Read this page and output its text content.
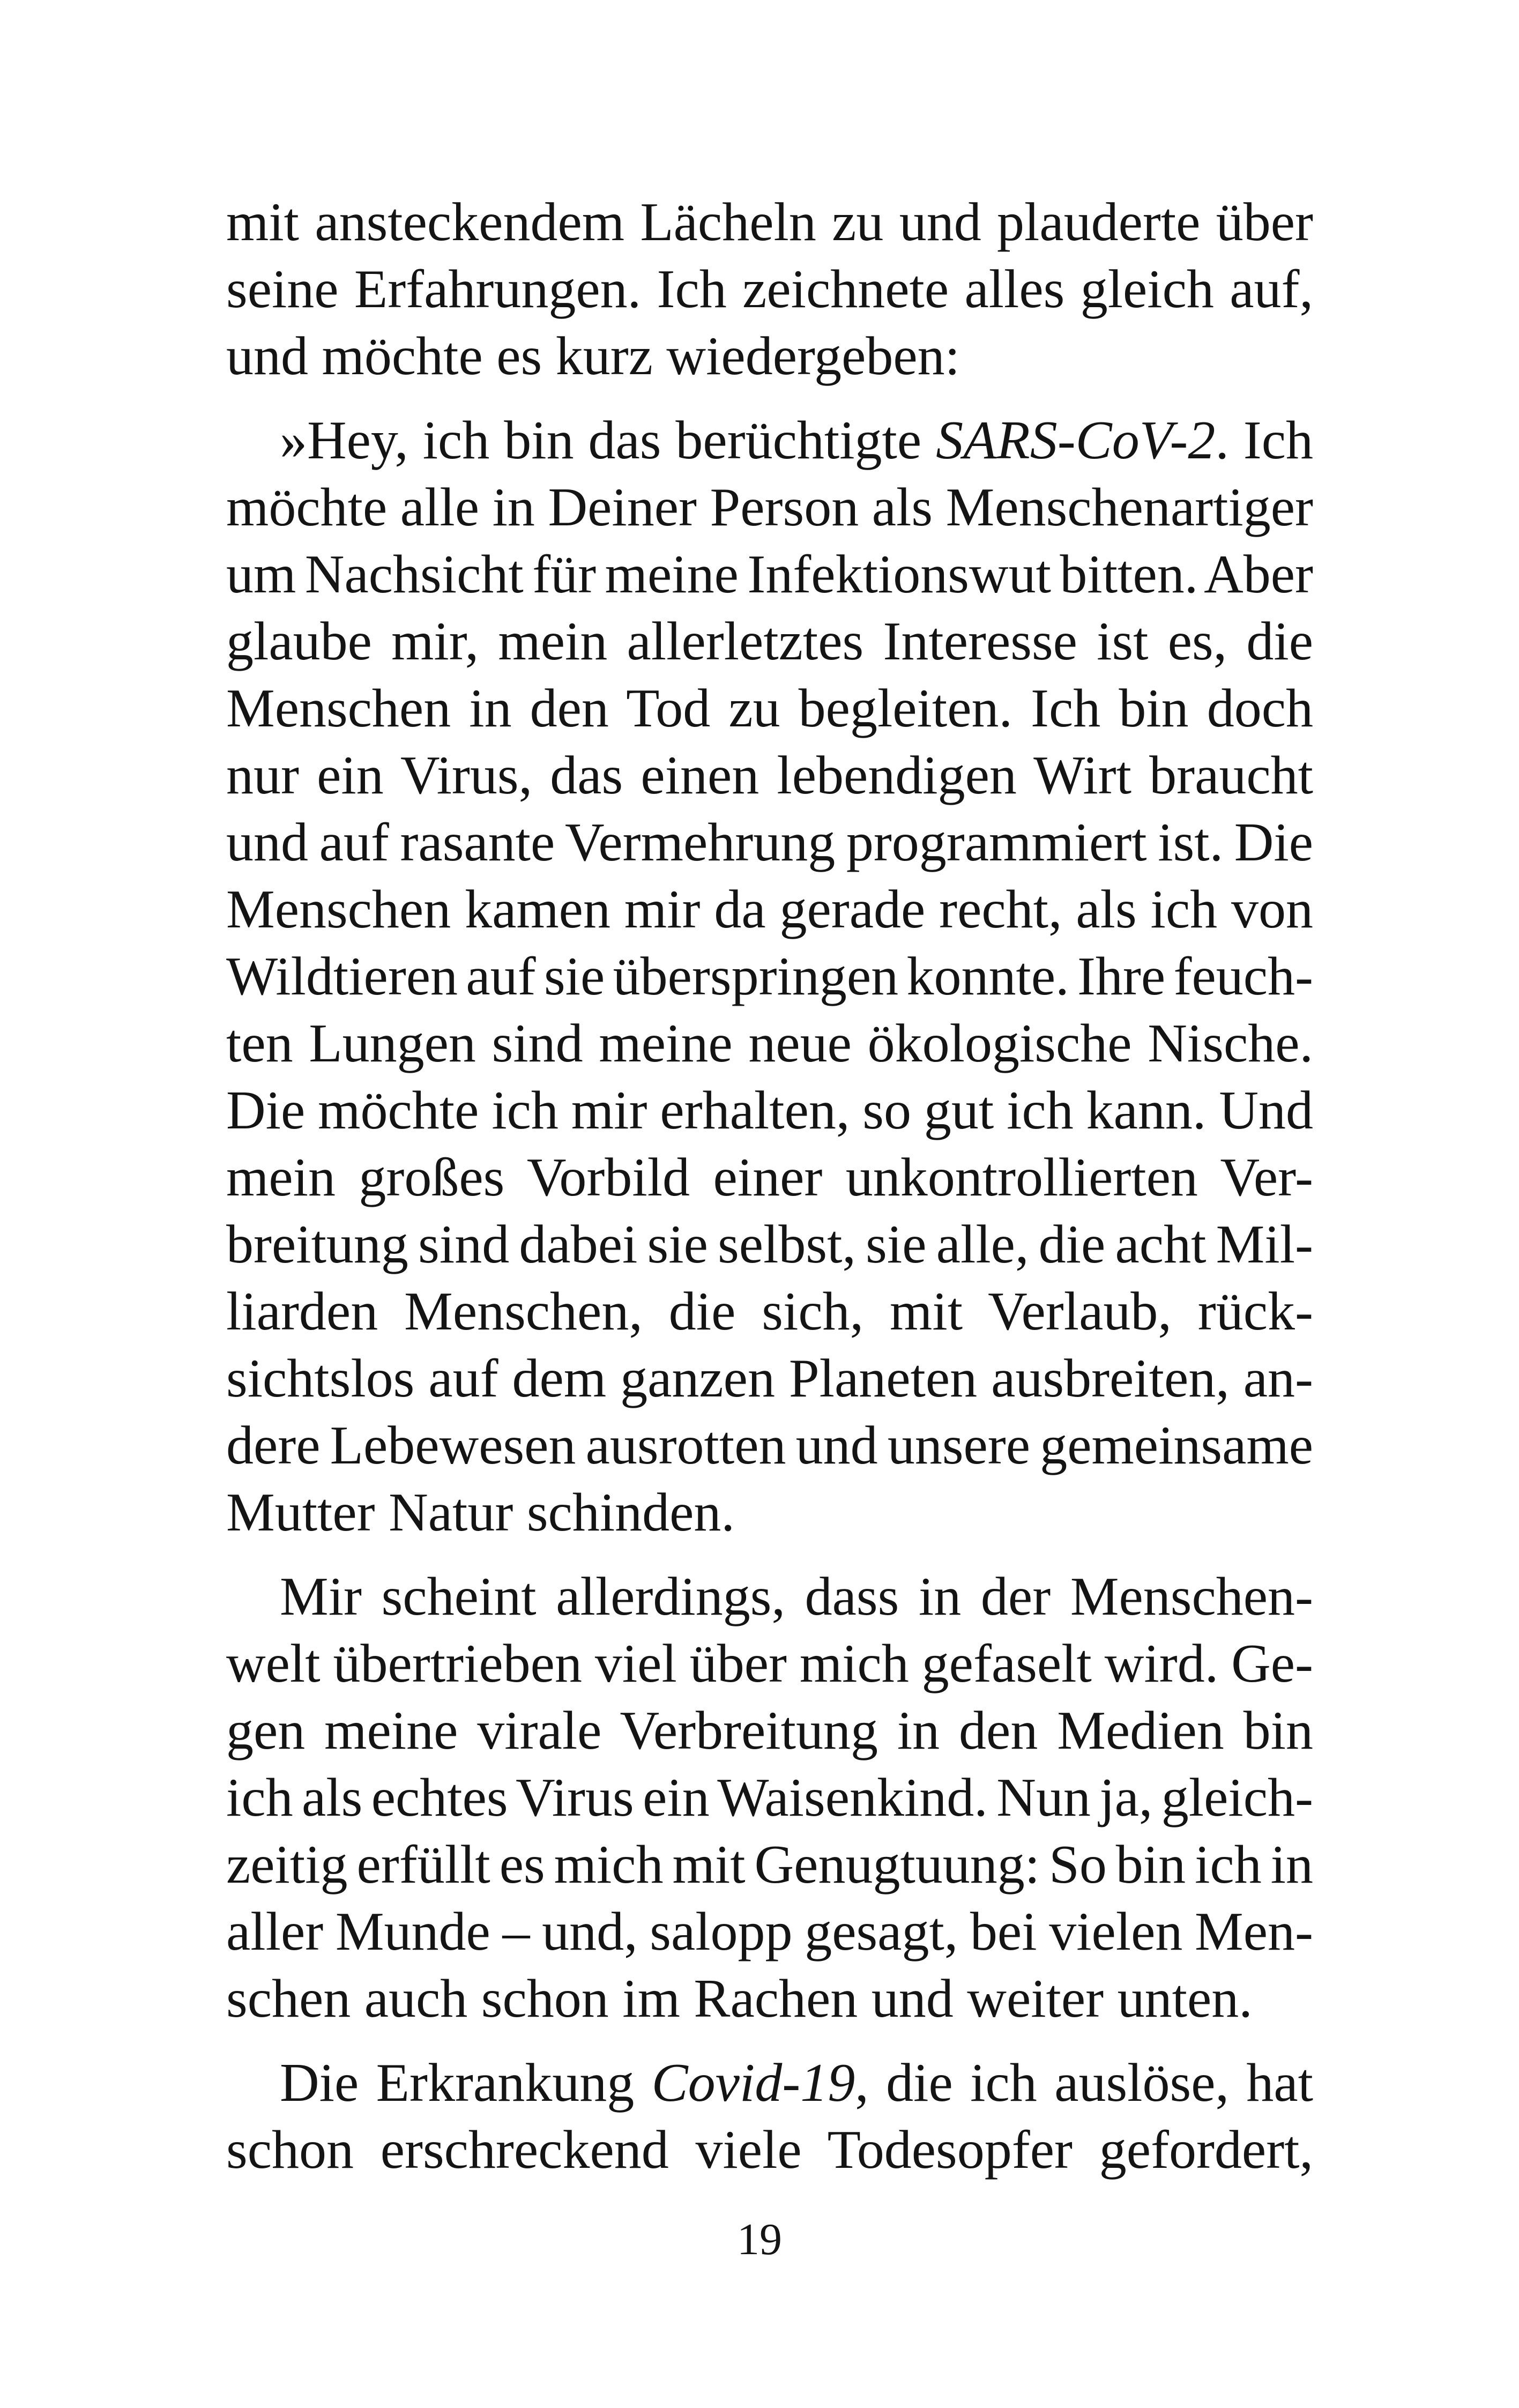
mit ansteckendem Lächeln zu und plauderte über
seine Erfahrungen. Ich zeichnete alles gleich auf,
und möchte es kurz wiedergeben:

»Hey, ich bin das berüchtigte SARS-CoV-2. Ich
möchte alle in Deiner Person als Menschenartiger
um Nachsicht für meine Infektionswut bitten. Aber
glaube mir, mein allerletztes Interesse ist es, die
Menschen in den Tod zu begleiten. Ich bin doch
nur ein Virus, das einen lebendigen Wirt braucht
und auf rasante Vermehrung programmiert ist. Die
Menschen kamen mir da gerade recht, als ich von
Wildtieren auf sie überspringen konnte. Ihre feuch-
ten Lungen sind meine neue ökologische Nische.
Die möchte ich mir erhalten, so gut ich kann. Und
mein großes Vorbild einer unkontrollierten Ver-
breitung sind dabei sie selbst, sie alle, die acht Mil-
liarden Menschen, die sich, mit Verlaub, rück-
sichtslos auf dem ganzen Planeten ausbreiten, an-
dere Lebewesen ausrotten und unsere gemeinsame
Mutter Natur schinden.

Mir scheint allerdings, dass in der Menschen-
welt übertrieben viel über mich gefaselt wird. Ge-
gen meine virale Verbreitung in den Medien bin
ich als echtes Virus ein Waisenkind. Nun ja, gleich-
zeitig erfüllt es mich mit Genugtuung: So bin ich in
aller Munde – und, salopp gesagt, bei vielen Men-
schen auch schon im Rachen und weiter unten.

Die Erkrankung Covid-19, die ich auslöse, hat
schon erschreckend viele Todesopfer gefordert,

19
